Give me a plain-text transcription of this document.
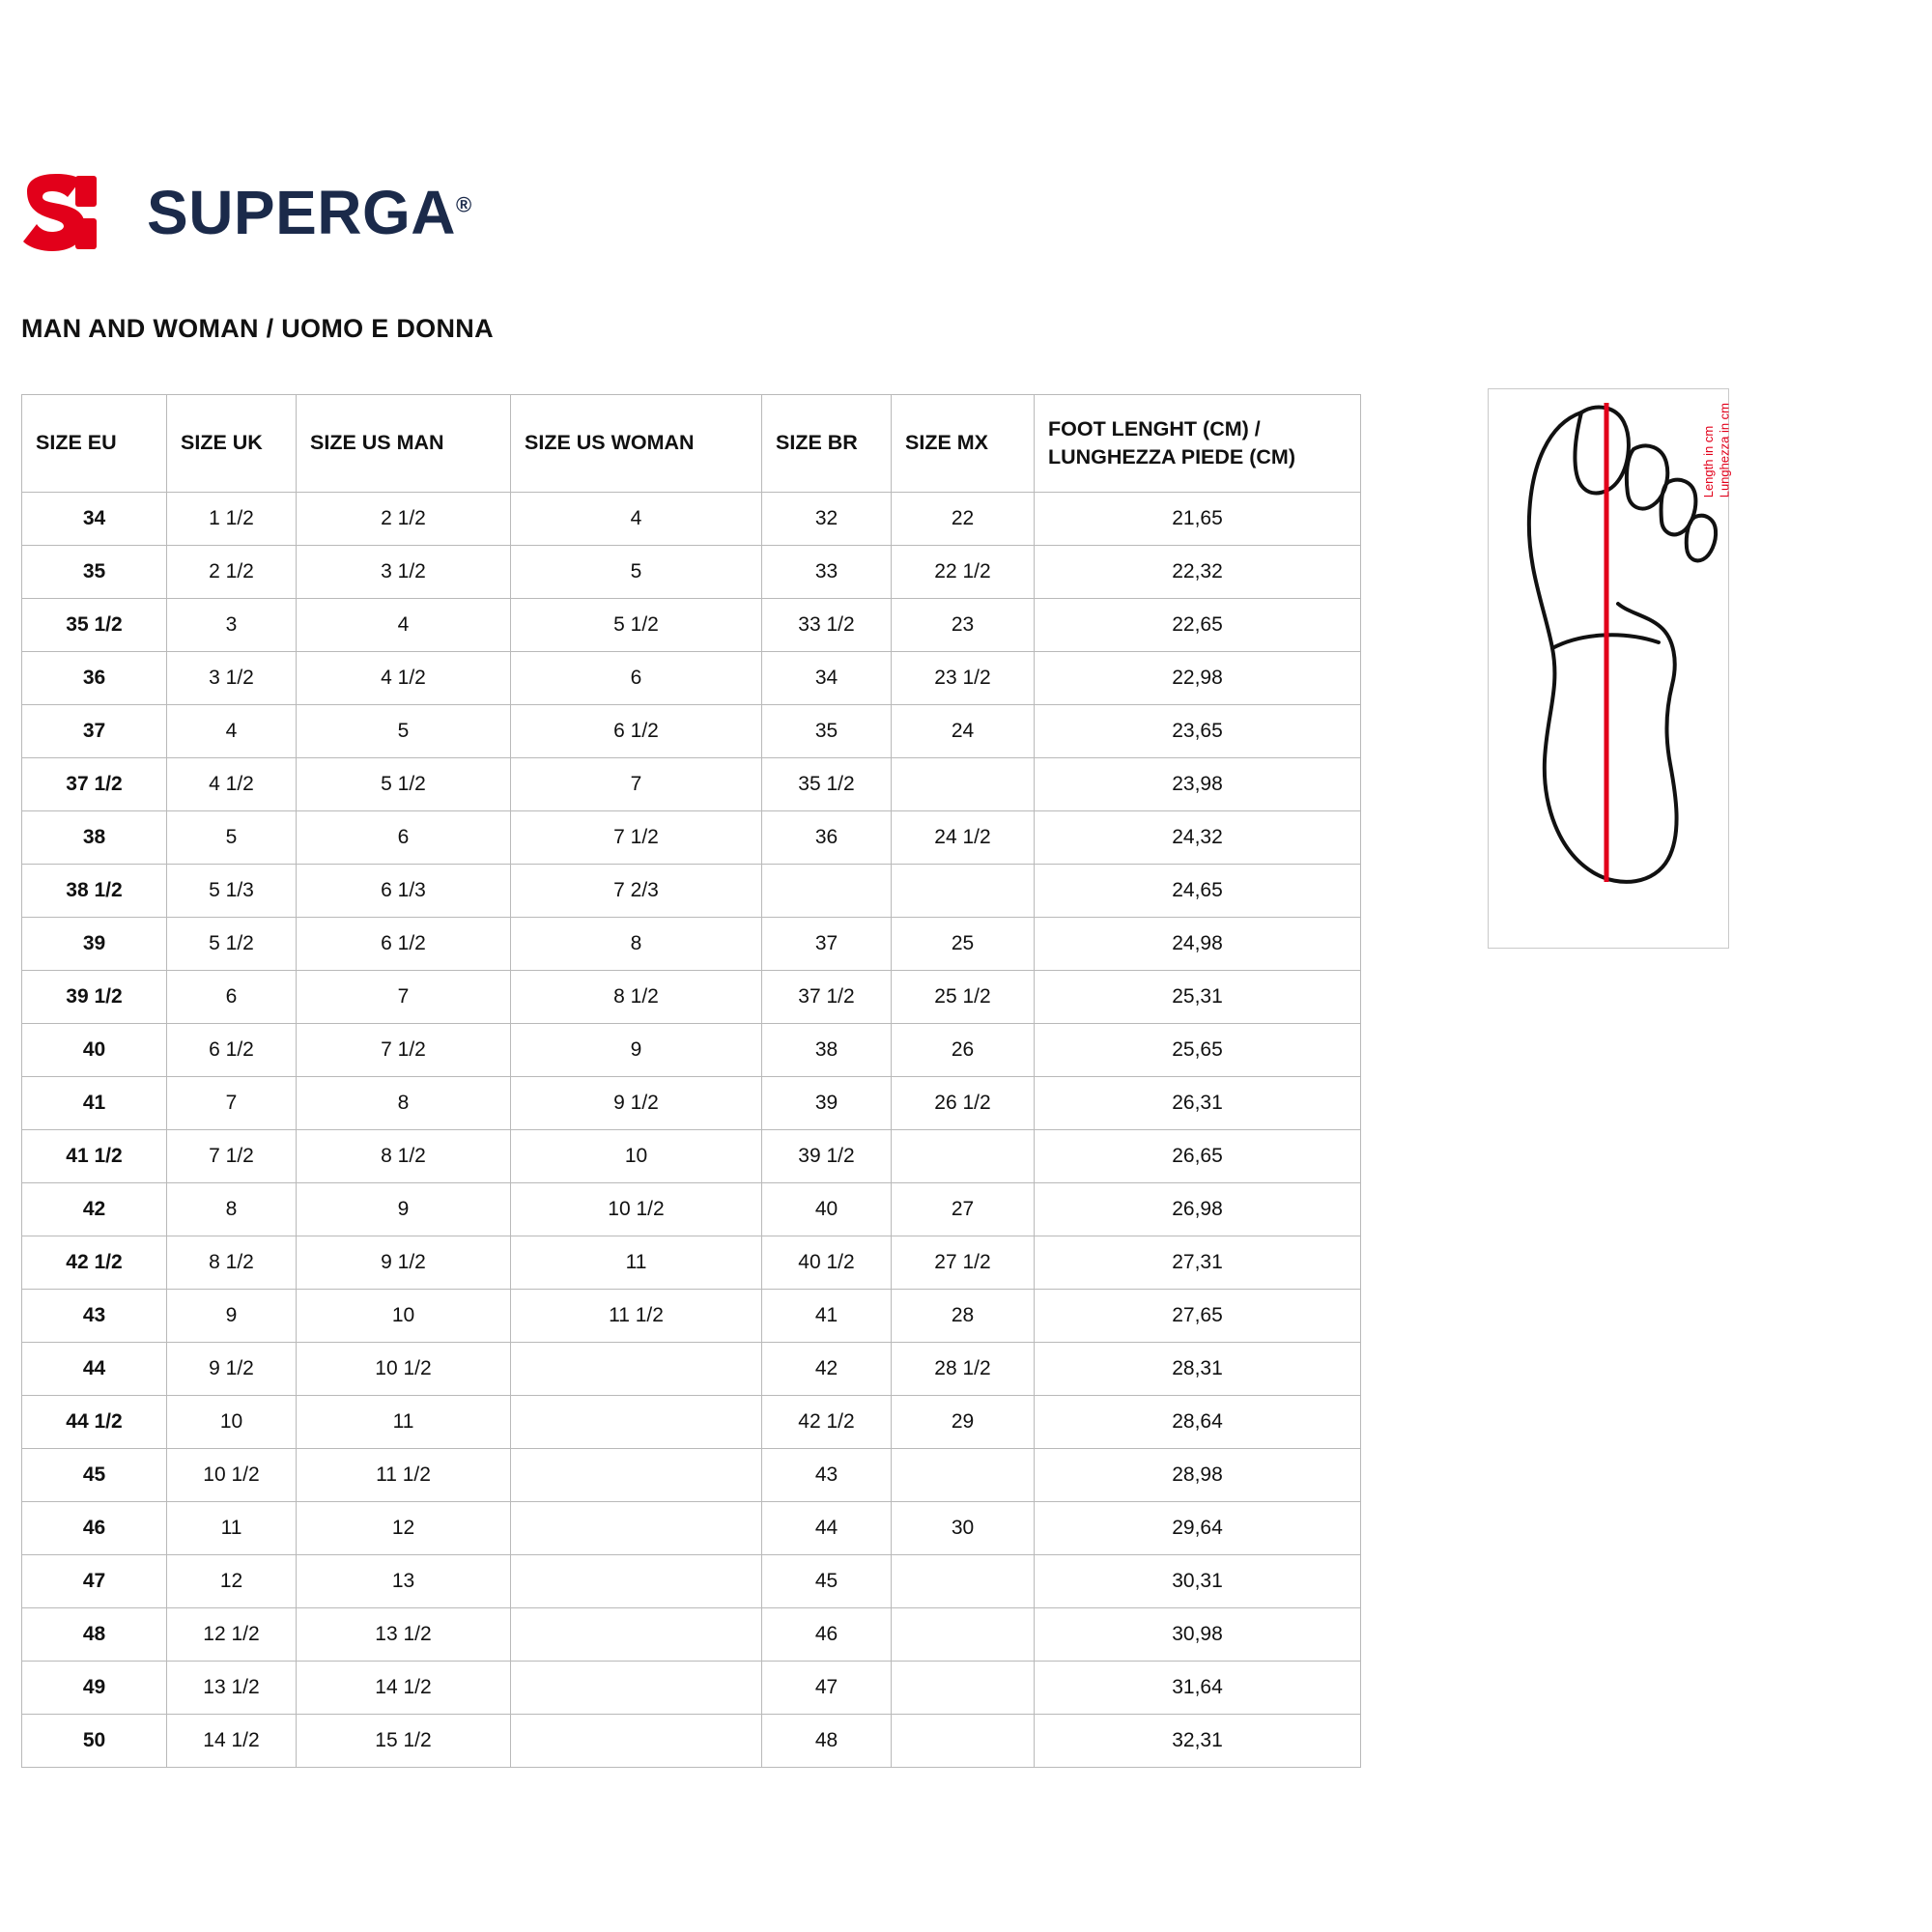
SUPERGA®
MAN AND WOMAN / UOMO E DONNA
SIZE EU	SIZE UK	SIZE US MAN	SIZE US WOMAN	SIZE BR	SIZE MX	FOOT LENGHT (CM) /
LUNGHEZZA PIEDE (CM)

34	1 1/2	2 1/2	4	32	22	21,65
35	2 1/2	3 1/2	5	33	22 1/2	22,32
35 1/2	3	4	5 1/2	33 1/2	23	22,65
36	3 1/2	4 1/2	6	34	23 1/2	22,98
37	4	5	6 1/2	35	24	23,65
37 1/2	4 1/2	5 1/2	7	35 1/2		23,98
38	5	6	7 1/2	36	24 1/2	24,32
38 1/2	5 1/3	6 1/3	7 2/3			24,65
39	5 1/2	6 1/2	8	37	25	24,98
39 1/2	6	7	8 1/2	37 1/2	25 1/2	25,31
40	6 1/2	7 1/2	9	38	26	25,65
41	7	8	9 1/2	39	26 1/2	26,31
41 1/2	7 1/2	8 1/2	10	39 1/2		26,65
42	8	9	10 1/2	40	27	26,98
42 1/2	8 1/2	9 1/2	11	40 1/2	27 1/2	27,31
43	9	10	11 1/2	41	28	27,65
44	9 1/2	10 1/2		42	28 1/2	28,31
44 1/2	10	11		42 1/2	29	28,64
45	10 1/2	11 1/2		43		28,98
46	11	12		44	30	29,64
47	12	13		45		30,31
48	12 1/2	13 1/2		46		30,98
49	13 1/2	14 1/2		47		31,64
50	14 1/2	15 1/2		48		32,31
Length in cm Lunghezza in cm
